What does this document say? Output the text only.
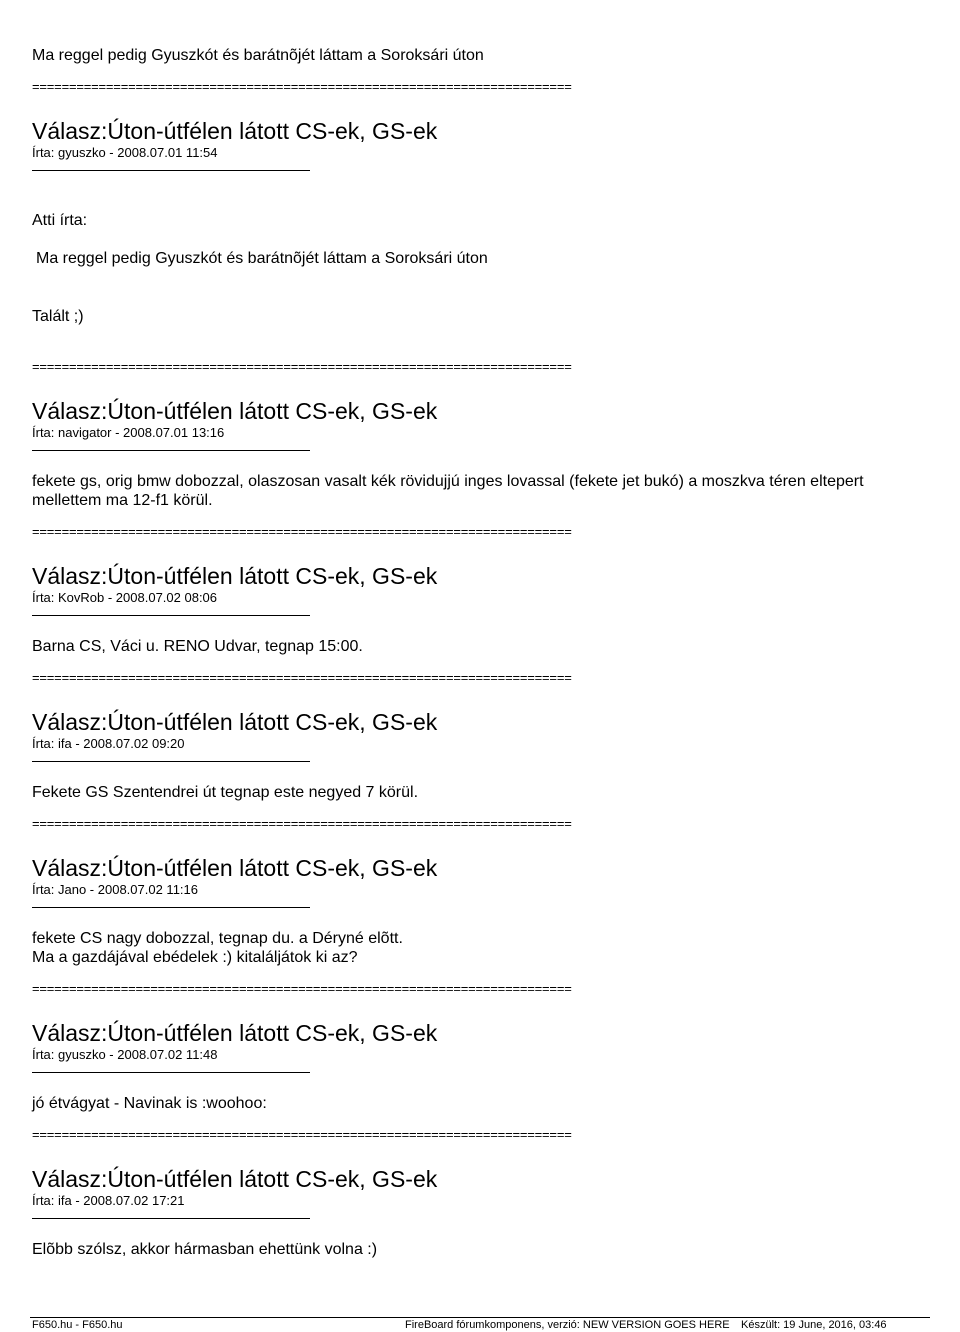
Ma reggel pedig Gyuszkót és barátnõjét láttam a Soroksári úton
=========================================================================
Válasz:Úton-útfélen látott CS-ek, GS-ek
Írta: gyuszko - 2008.07.01 11:54

Atti írta:

Ma reggel pedig Gyuszkót és barátnõjét láttam a Soroksári úton

Talált ;)

=========================================================================
Válasz:Úton-útfélen látott CS-ek, GS-ek
Írta: navigator - 2008.07.01 13:16
fekete gs, orig bmw dobozzal, olaszosan vasalt kék rövidujjú inges lovassal (fekete jet bukó) a moszkva téren eltepert
mellettem ma 12-f1 körül.
=========================================================================
Válasz:Úton-útfélen látott CS-ek, GS-ek
Írta: KovRob - 2008.07.02 08:06
Barna CS, Váci u. RENO Udvar, tegnap 15:00.
=========================================================================
Válasz:Úton-útfélen látott CS-ek, GS-ek
Írta: ifa - 2008.07.02 09:20
Fekete GS Szentendrei út tegnap este negyed 7 körül.
=========================================================================
Válasz:Úton-útfélen látott CS-ek, GS-ek
Írta: Jano - 2008.07.02 11:16
fekete CS nagy dobozzal, tegnap du. a Déryné elõtt.
Ma a gazdájával ebédelek :) kitaláljátok ki az?
=========================================================================
Válasz:Úton-útfélen látott CS-ek, GS-ek
Írta: gyuszko - 2008.07.02 11:48
jó étvágyat - Navinak is :woohoo:
=========================================================================
Válasz:Úton-útfélen látott CS-ek, GS-ek
Írta: ifa - 2008.07.02 17:21
Elõbb szólsz, akkor hármasban ehettünk volna :)
F650.hu - F650.hu	FireBoard fórumkomponens, verzió: NEW VERSION GOES HERE Készült: 19 June, 2016, 03:46
